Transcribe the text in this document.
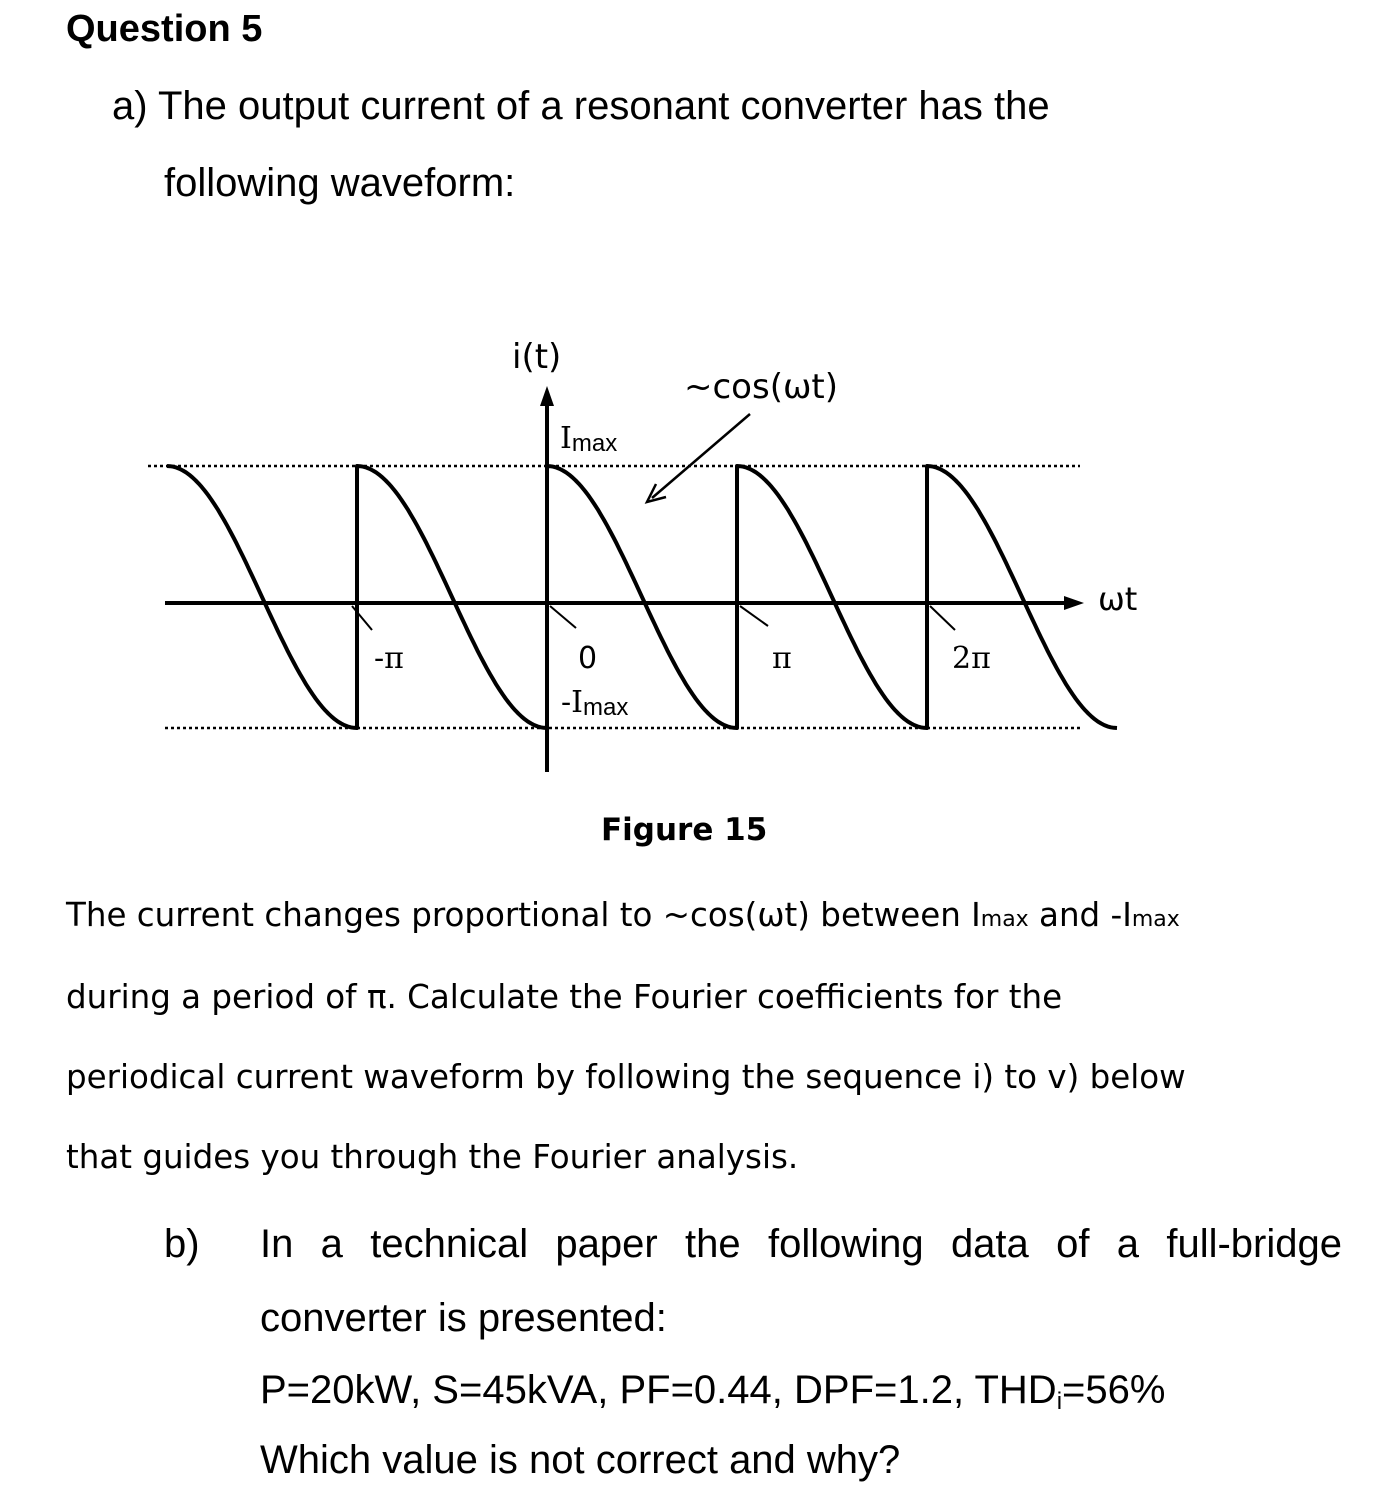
Question 5
a) The output current of a resonant converter has the
following waveform:
i(t)
~cos(ωt)
ωt
Imax
-Imax
-π	0	π	2π
Figure 15
The current changes proportional to ~cos(ωt) between Imax and -Imax
during a period of π. Calculate the Fourier coefficients for the
periodical current waveform by following the sequence i) to v) below
that guides you through the Fourier analysis.
b) In a technical paper the following data of a full-bridge
converter is presented:
P=20kW, S=45kVA, PF=0.44, DPF=1.2, $THD_i=56\%$
Which value is not correct and why?
